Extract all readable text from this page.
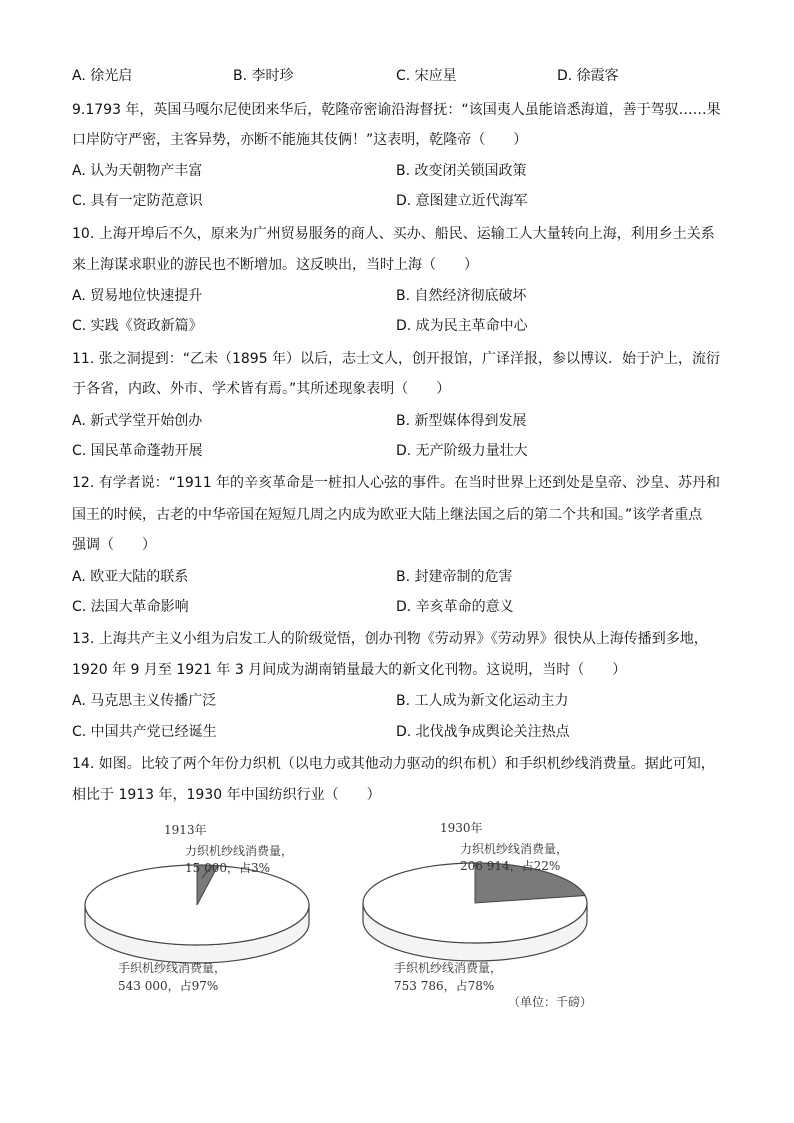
A. 徐光启	B. 李时珍	C. 宋应星	D. 徐霞客
9.1793 年，英国马嘎尔尼使团来华后，乾隆帝密谕沿海督抚：“该国夷人虽能谙悉海道，善于驾驭……果
口岸防守严密，主客异势，亦断不能施其伎俩！”这表明，乾隆帝（　　）
A. 认为天朝物产丰富	B. 改变闭关锁国政策
C. 具有一定防范意识	D. 意图建立近代海军
10. 上海开埠后不久，原来为广州贸易服务的商人、买办、船民、运输工人大量转向上海，利用乡土关系
来上海谋求职业的游民也不断增加。这反映出，当时上海（　　）
A. 贸易地位快速提升	B. 自然经济彻底破坏
C. 实践《资政新篇》	D. 成为民主革命中心
11. 张之洞提到：“乙未（1895 年）以后，志士文人，创开报馆，广译洋报，参以博议．始于沪上，流衍
于各省，内政、外市、学术皆有焉。”其所述现象表明（　　）
A. 新式学堂开始创办	B. 新型媒体得到发展
C. 国民革命蓬勃开展	D. 无产阶级力量壮大
12. 有学者说：“1911 年的辛亥革命是一桩扣人心弦的事件。在当时世界上还到处是皇帝、沙皇、苏丹和
国王的时候，古老的中华帝国在短短几周之内成为欧亚大陆上继法国之后的第二个共和国。”该学者重点
强调（　　）
A. 欧亚大陆的联系	B. 封建帝制的危害
C. 法国大革命影响	D. 辛亥革命的意义
13. 上海共产主义小组为启发工人的阶级觉悟，创办刊物《劳动界》《劳动界》很快从上海传播到多地，
1920 年 9 月至 1921 年 3 月间成为湖南销量最大的新文化刊物。这说明，当时（　　）
A. 马克思主义传播广泛	B. 工人成为新文化运动主力
C. 中国共产党已经诞生	D. 北伐战争成舆论关注热点
14. 如图。比较了两个年份力织机（以电力或其他动力驱动的织布机）和手织机纱线消费量。据此可知，
相比于 1913 年，1930 年中国纺织行业（　　）
1913年
力织机纱线消费量，
15 000，占3%
手织机纱线消费量，
543 000，占97%
1930年
力织机纱线消费量，
206 914，占22%
手织机纱线消费量，
753 786，占78%
（单位：千磅）
